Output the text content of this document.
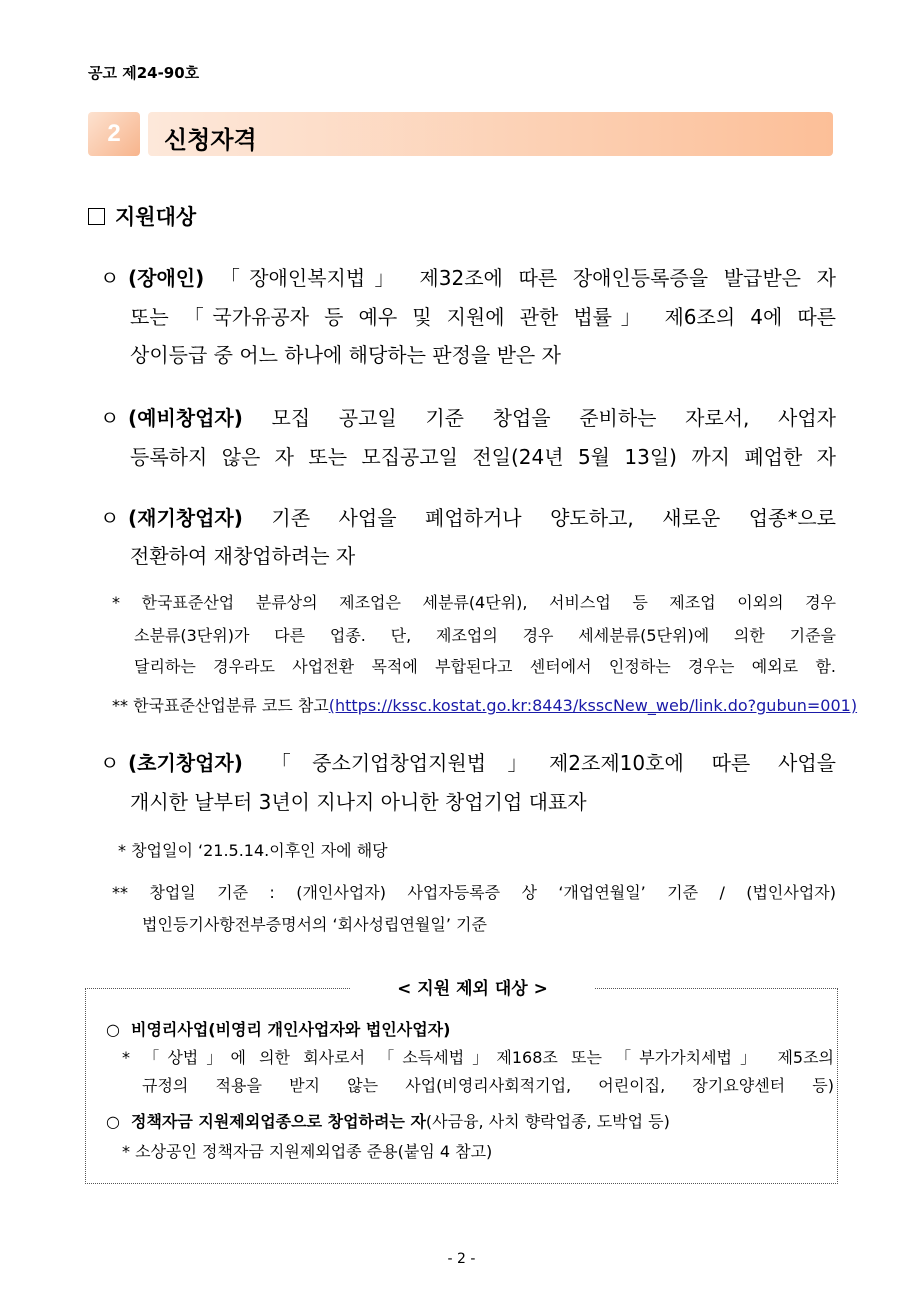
공고 제24-90호
2	신청자격
지원대상
ㅇ (장애인) 「장애인복지법」 제32조에 따른 장애인등록증을 발급받은 자
또는 「국가유공자 등 예우 및 지원에 관한 법률」 제6조의 4에 따른
상이등급 중 어느 하나에 해당하는 판정을 받은 자
ㅇ (예비창업자) 모집 공고일 기준 창업을 준비하는 자로서, 사업자
등록하지 않은 자 또는 모집공고일 전일(24년 5월 13일) 까지 폐업한 자
ㅇ (재기창업자) 기존 사업을 폐업하거나 양도하고, 새로운 업종*으로
전환하여 재창업하려는 자
* 한국표준산업 분류상의 제조업은 세분류(4단위), 서비스업 등 제조업 이외의 경우
소분류(3단위)가 다른 업종. 단, 제조업의 경우 세세분류(5단위)에 의한 기준을
달리하는 경우라도 사업전환 목적에 부합된다고 센터에서 인정하는 경우는 예외로 함.
** 한국표준산업분류 코드 참고(https://kssc.kostat.go.kr:8443/ksscNew_web/link.do?gubun=001)
ㅇ (초기창업자) 「중소기업창업지원법」제2조제10호에 따른 사업을
개시한 날부터 3년이 지나지 아니한 창업기업 대표자
* 창업일이 ‘21.5.14.이후인 자에 해당
** 창업일 기준 : (개인사업자) 사업자등록증 상 ‘개업연월일’ 기준 / (법인사업자)
법인등기사항전부증명서의 ‘회사성립연월일’ 기준
< 지원 제외 대상 >
○ 비영리사업(비영리 개인사업자와 법인사업자)
* 「상법」에 의한 회사로서 「소득세법」제168조 또는 「부가가치세법」 제5조의
규정의 적용을 받지 않는 사업(비영리사회적기업, 어린이집, 장기요양센터 등)
○ 정책자금 지원제외업종으로 창업하려는 자(사금융, 사치 향락업종, 도박업 등)
* 소상공인 정책자금 지원제외업종 준용(붙임 4 참고)
- 2 -
